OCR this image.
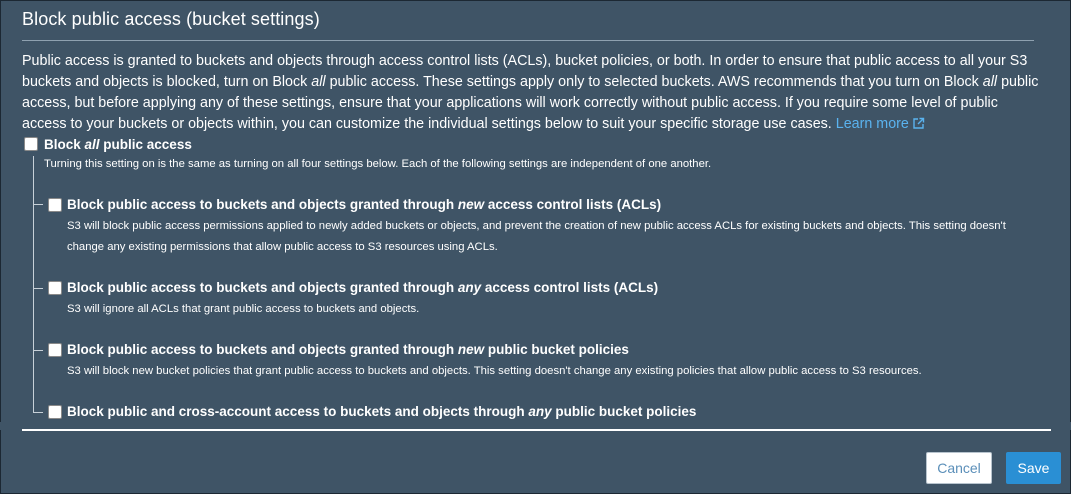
Block public access (bucket settings)
Public access is granted to buckets and objects through access control lists (ACLs), bucket policies, or both. In order to ensure that public access to all your S3 buckets and objects is blocked, turn on Block all public access. These settings apply only to selected buckets. AWS recommends that you turn on Block all public access, but before applying any of these settings, ensure that your applications will work correctly without public access. If you require some level of public access to your buckets or objects within, you can customize the individual settings below to suit your specific storage use cases. Learn more
Block all public access
Turning this setting on is the same as turning on all four settings below. Each of the following settings are independent of one another.
Block public access to buckets and objects granted through new access control lists (ACLs)
S3 will block public access permissions applied to newly added buckets or objects, and prevent the creation of new public access ACLs for existing buckets and objects. This setting doesn't change any existing permissions that allow public access to S3 resources using ACLs.
Block public access to buckets and objects granted through any access control lists (ACLs)
S3 will ignore all ACLs that grant public access to buckets and objects.
Block public access to buckets and objects granted through new public bucket policies
S3 will block new bucket policies that grant public access to buckets and objects. This setting doesn't change any existing policies that allow public access to S3 resources.
Block public and cross-account access to buckets and objects through any public bucket policies
Cancel	Save
